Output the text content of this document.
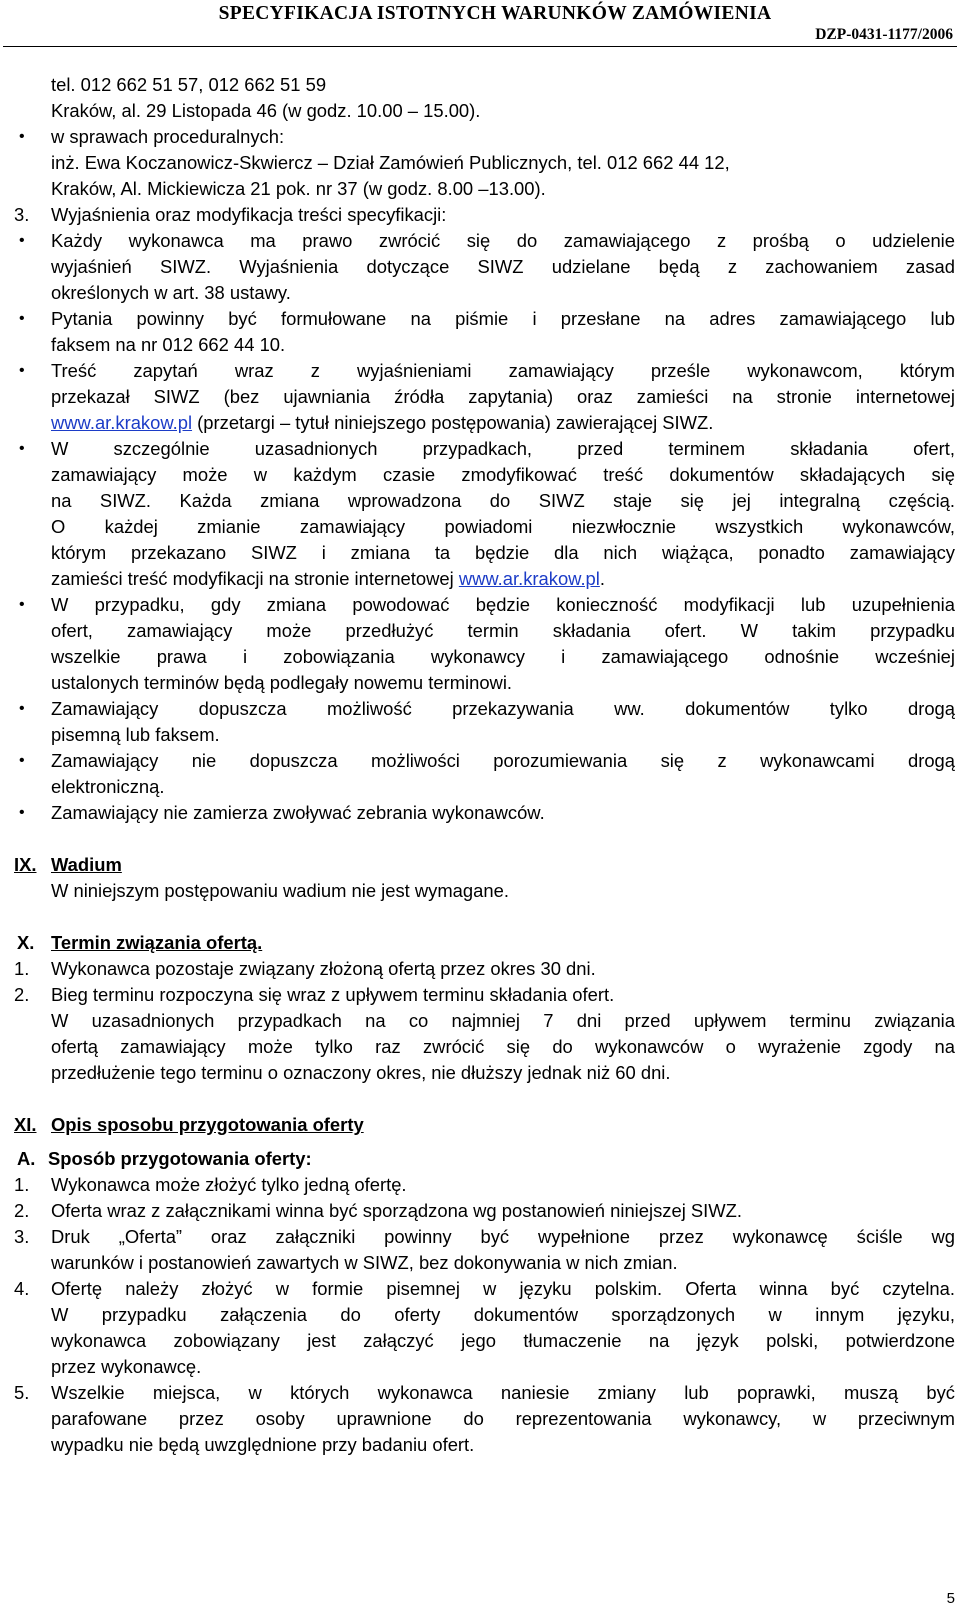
SPECYFIKACJA ISTOTNYCH WARUNKÓW ZAMÓWIENIA
DZP-0431-1177/2006
tel. 012 662 51 57, 012 662 51 59
Kraków, al. 29 Listopada 46 (w godz. 10.00 – 15.00).
• w sprawach proceduralnych:
inż. Ewa Koczanowicz-Skwiercz – Dział Zamówień Publicznych, tel. 012 662 44 12,
Kraków, Al. Mickiewicza 21 pok. nr 37 (w godz. 8.00 –13.00).
3. Wyjaśnienia oraz modyfikacja treści specyfikacji:
• Każdy wykonawca ma prawo zwrócić się do zamawiającego z prośbą o udzielenie
wyjaśnień SIWZ. Wyjaśnienia dotyczące SIWZ udzielane będą z zachowaniem zasad
określonych w art. 38 ustawy.
• Pytania powinny być formułowane na piśmie i przesłane na adres zamawiającego lub
faksem na nr 012 662 44 10.
• Treść zapytań wraz z wyjaśnieniami zamawiający prześle wykonawcom, którym
przekazał SIWZ (bez ujawniania źródła zapytania) oraz zamieści na stronie internetowej
www.ar.krakow.pl (przetargi – tytuł niniejszego postępowania) zawierającej SIWZ.
• W szczególnie uzasadnionych przypadkach, przed terminem składania ofert,
zamawiający może w każdym czasie zmodyfikować treść dokumentów składających się
na SIWZ. Każda zmiana wprowadzona do SIWZ staje się jej integralną częścią.
O każdej zmianie zamawiający powiadomi niezwłocznie wszystkich wykonawców,
którym przekazano SIWZ i zmiana ta będzie dla nich wiążąca, ponadto zamawiający
zamieści treść modyfikacji na stronie internetowej www.ar.krakow.pl.
• W przypadku, gdy zmiana powodować będzie konieczność modyfikacji lub uzupełnienia
ofert, zamawiający może przedłużyć termin składania ofert. W takim przypadku
wszelkie prawa i zobowiązania wykonawcy i zamawiającego odnośnie wcześniej
ustalonych terminów będą podlegały nowemu terminowi.
• Zamawiający dopuszcza możliwość przekazywania ww. dokumentów tylko drogą
pisemną lub faksem.
• Zamawiający nie dopuszcza możliwości porozumiewania się z wykonawcami drogą
elektroniczną.
• Zamawiający nie zamierza zwoływać zebrania wykonawców.
IX. Wadium
W niniejszym postępowaniu wadium nie jest wymagane.
X. Termin związania ofertą.
1. Wykonawca pozostaje związany złożoną ofertą przez okres 30 dni.
2. Bieg terminu rozpoczyna się wraz z upływem terminu składania ofert.
W uzasadnionych przypadkach na co najmniej 7 dni przed upływem terminu związania
ofertą zamawiający może tylko raz zwrócić się do wykonawców o wyrażenie zgody na
przedłużenie tego terminu o oznaczony okres, nie dłuższy jednak niż 60 dni.
XI. Opis sposobu przygotowania oferty
A. Sposób przygotowania oferty:
1. Wykonawca może złożyć tylko jedną ofertę.
2. Oferta wraz z załącznikami winna być sporządzona wg postanowień niniejszej SIWZ.
3. Druk „Oferta” oraz załączniki powinny być wypełnione przez wykonawcę ściśle wg
warunków i postanowień zawartych w SIWZ, bez dokonywania w nich zmian.
4. Ofertę należy złożyć w formie pisemnej w języku polskim. Oferta winna być czytelna.
W przypadku załączenia do oferty dokumentów sporządzonych w innym języku,
wykonawca zobowiązany jest załączyć jego tłumaczenie na język polski, potwierdzone
przez wykonawcę.
5. Wszelkie miejsca, w których wykonawca naniesie zmiany lub poprawki, muszą być
parafowane przez osoby uprawnione do reprezentowania wykonawcy, w przeciwnym
wypadku nie będą uwzględnione przy badaniu ofert.
5
